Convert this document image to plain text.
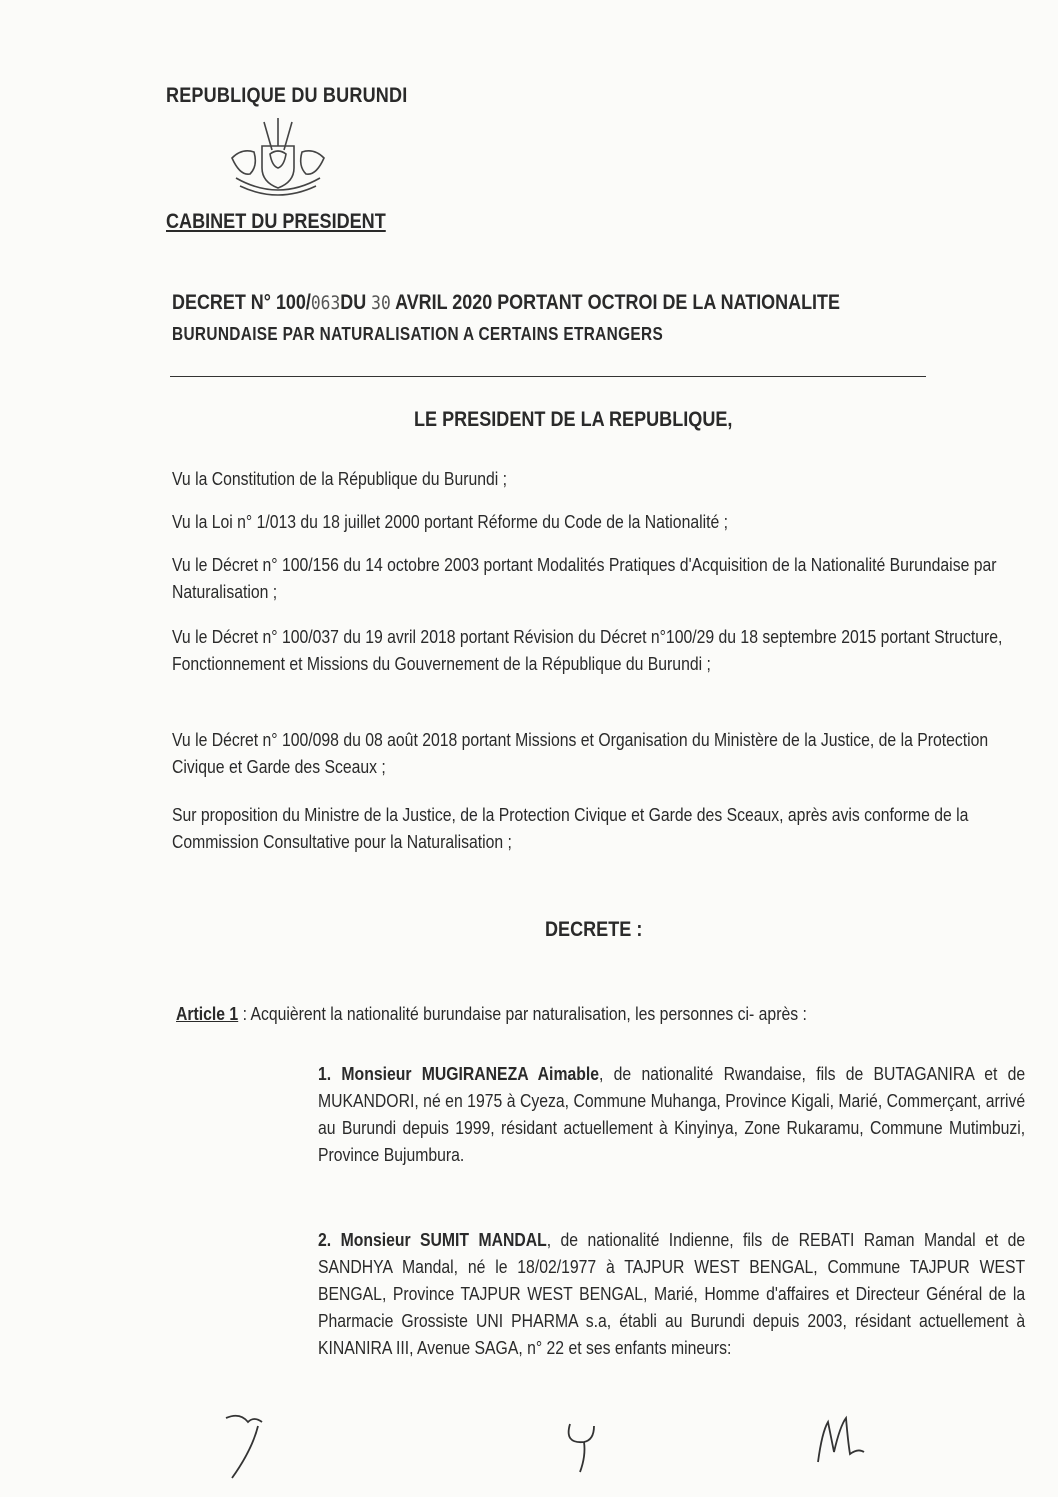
REPUBLIQUE DU BURUNDI
CABINET DU PRESIDENT
DECRET N° 100/063DU 30 AVRIL 2020 PORTANT OCTROI DE LA NATIONALITE
BURUNDAISE PAR NATURALISATION A CERTAINS ETRANGERS
LE PRESIDENT DE LA REPUBLIQUE,

Vu la Constitution de la République du Burundi ;

Vu la Loi n° 1/013 du 18 juillet 2000 portant Réforme du Code de la Nationalité ;

Vu le Décret n° 100/156 du 14 octobre 2003 portant Modalités Pratiques d'Acquisition de la Nationalité Burundaise par Naturalisation ;

Vu le Décret n° 100/037 du 19 avril 2018 portant Révision du Décret n°100/29 du 18 septembre 2015 portant Structure, Fonctionnement et Missions du Gouvernement de la République du Burundi ;

Vu le Décret n° 100/098 du 08 août 2018 portant Missions et Organisation du Ministère de la Justice, de la Protection Civique et Garde des Sceaux ;

Sur proposition du Ministre de la Justice, de la Protection Civique et Garde des Sceaux, après avis conforme de la Commission Consultative pour la Naturalisation ;

DECRETE :
Article 1 : Acquièrent la nationalité burundaise par naturalisation, les personnes ci- après :
1. Monsieur MUGIRANEZA Aimable, de nationalité Rwandaise, fils de BUTAGANIRA et de MUKANDORI, né en 1975 à Cyeza, Commune Muhanga, Province Kigali, Marié, Commerçant, arrivé au Burundi depuis 1999, résidant actuellement à Kinyinya, Zone Rukaramu, Commune Mutimbuzi, Province Bujumbura.
2. Monsieur SUMIT MANDAL, de nationalité Indienne, fils de REBATI Raman Mandal et de SANDHYA Mandal, né le 18/02/1977 à TAJPUR WEST BENGAL, Commune TAJPUR WEST BENGAL, Province TAJPUR WEST BENGAL, Marié, Homme d'affaires et Directeur Général de la Pharmacie Grossiste UNI PHARMA s.a, établi au Burundi depuis 2003, résidant actuellement à KINANIRA III, Avenue SAGA, n° 22 et ses enfants mineurs:
